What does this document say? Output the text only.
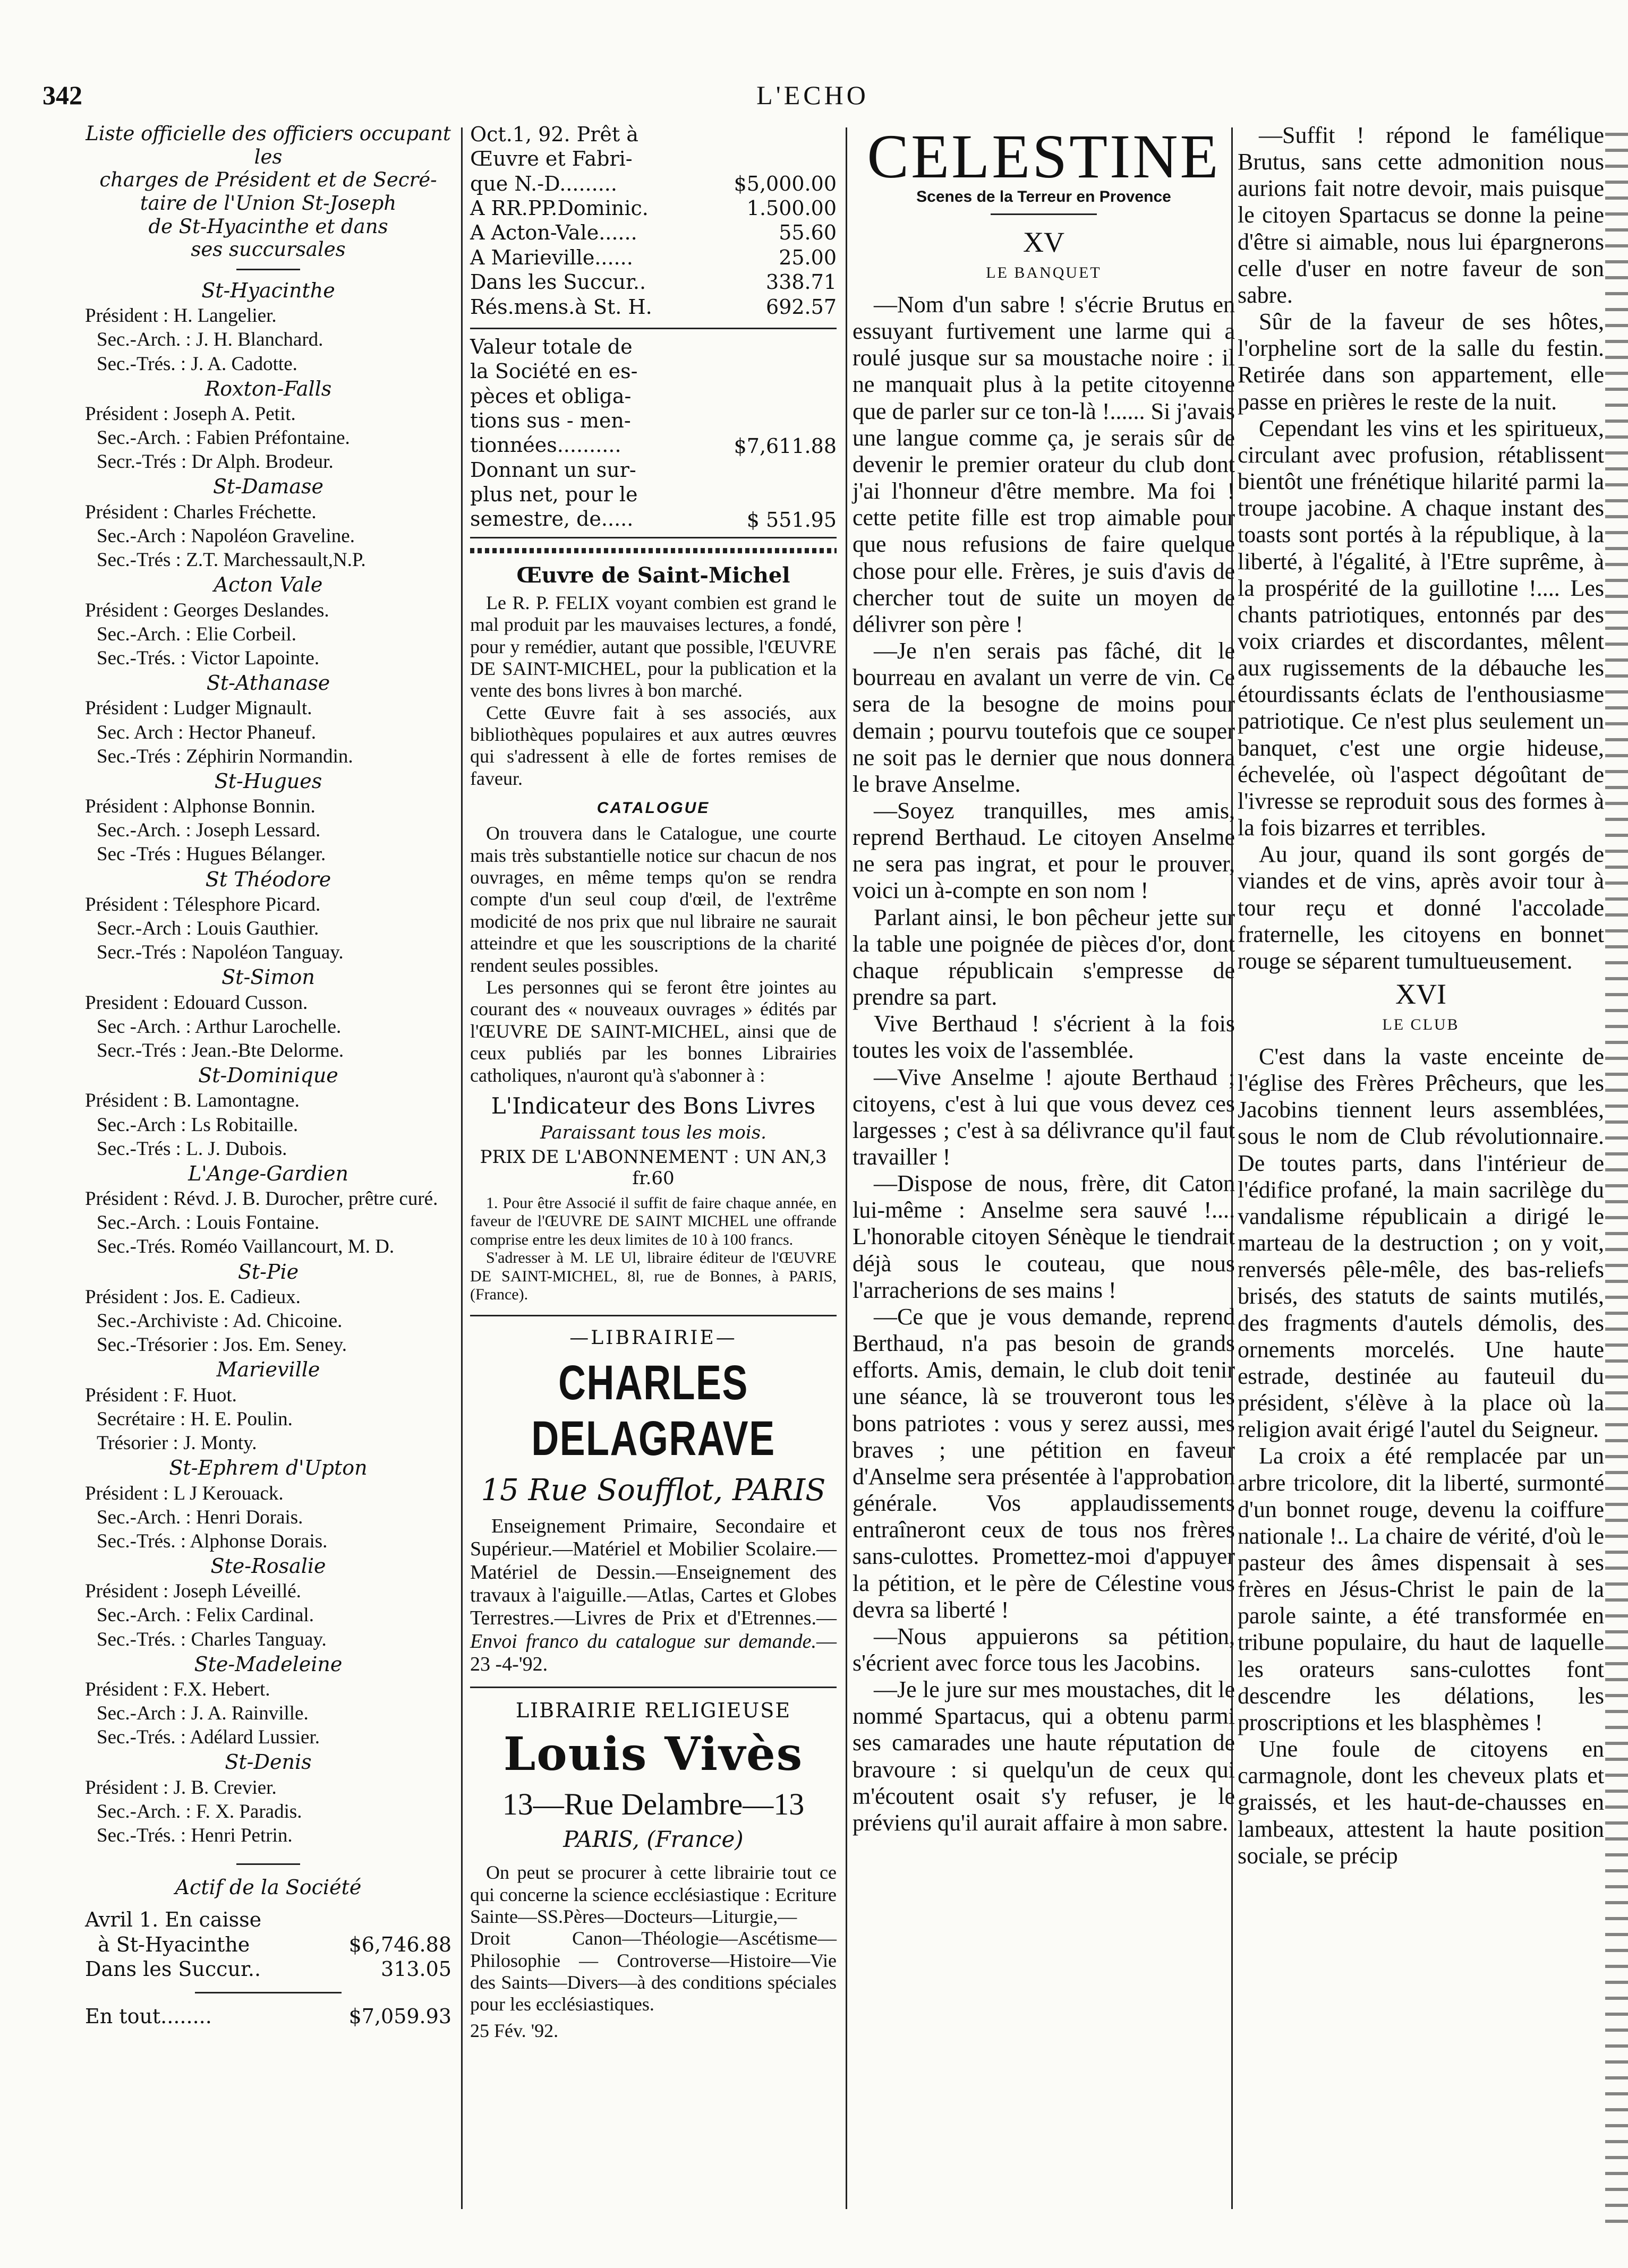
342	L'ECHO
Liste officielle des officiers occupant les
charges de Président et de Secré-
taire de l'Union St-Joseph
de St-Hyacinthe et dans
ses succursales
St-Hyacinthe
Président : H. Langelier.
Sec.-Arch. : J. H. Blanchard.
Sec.-Trés. : J. A. Cadotte.
Roxton-Falls
Président : Joseph A. Petit.
Sec.-Arch. : Fabien Préfontaine.
Secr.-Trés : Dr Alph. Brodeur.
St-Damase
Président : Charles Fréchette.
Sec.-Arch : Napoléon Graveline.
Sec.-Trés : Z.T. Marchessault,N.P.
Acton Vale
Président : Georges Deslandes.
Sec.-Arch. : Elie Corbeil.
Sec.-Trés. : Victor Lapointe.
St-Athanase
Président : Ludger Mignault.
Sec. Arch : Hector Phaneuf.
Sec.-Trés : Zéphirin Normandin.
St-Hugues
Président : Alphonse Bonnin.
Sec.-Arch. : Joseph Lessard.
Sec -Trés : Hugues Bélanger.
St Théodore
Président : Télesphore Picard.
Secr.-Arch : Louis Gauthier.
Secr.-Trés : Napoléon Tanguay.
St-Simon
President : Edouard Cusson.
Sec -Arch. : Arthur Larochelle.
Secr.-Trés : Jean.-Bte Delorme.
St-Dominique
Président : B. Lamontagne.
Sec.-Arch : Ls Robitaille.
Sec.-Trés : L. J. Dubois.
L'Ange-Gardien
Président : Révd. J. B. Durocher, prêtre curé.
Sec.-Arch. : Louis Fontaine.
Sec.-Trés. Roméo Vaillancourt, M. D.
St-Pie
Président : Jos. E. Cadieux.
Sec.-Archiviste : Ad. Chicoine.
Sec.-Trésorier : Jos. Em. Seney.
Marieville
Président : F. Huot.
Secrétaire : H. E. Poulin.
Trésorier : J. Monty.
St-Ephrem d'Upton
Président : L J Kerouack.
Sec.-Arch. : Henri Dorais.
Sec.-Trés. : Alphonse Dorais.
Ste-Rosalie
Président : Joseph Léveillé.
Sec.-Arch. : Felix Cardinal.
Sec.-Trés. : Charles Tanguay.
Ste-Madeleine
Président : F.X. Hebert.
Sec.-Arch : J. A. Rainville.
Sec.-Trés. : Adélard Lussier.
St-Denis
Président : J. B. Crevier.
Sec.-Arch. : F. X. Paradis.
Sec.-Trés. : Henri Petrin.
Actif de la Société
Avril 1. En caisse
à St-Hyacinthe	$6,746.88
Dans les Succur..	313.05
En tout........	$7,059.93
Oct.1, 92. Prêt à
Œuvre et Fabri-
que N.-D.........	$5,000.00
A RR.PP.Dominic.	1.500.00
A Acton-Vale......	55.60
A Marieville......	25.00
Dans les Succur..	338.71
Rés.mens.à St. H.	692.57
Valeur totale de
la Société en es-
pèces et obliga-
tions sus - men-
tionnées..........	$7,611.88
Donnant un sur-
plus net, pour le
semestre, de.....	$ 551.95
Œuvre de Saint-Michel
Le R. P. FELIX voyant combien est grand le mal produit par les mauvaises lectures, a fondé, pour y remédier, autant que possible, l'ŒUVRE DE SAINT-MICHEL, pour la publication et la vente des bons livres à bon marché.
Cette Œuvre fait à ses associés, aux bibliothèques populaires et aux autres œuvres qui s'adressent à elle de fortes remises de faveur.
CATALOGUE
On trouvera dans le Catalogue, une courte mais très substantielle notice sur chacun de nos ouvrages, en même temps qu'on se rendra compte d'un seul coup d'œil, de l'extrême modicité de nos prix que nul libraire ne saurait atteindre et que les souscriptions de la charité rendent seules possibles.
Les personnes qui se feront être jointes au courant des « nouveaux ouvrages » édités par l'ŒUVRE DE SAINT-MICHEL, ainsi que de ceux publiés par les bonnes Librairies catholiques, n'auront qu'à s'abonner à :
L'Indicateur des Bons Livres
Paraissant tous les mois.
PRIX DE L'ABONNEMENT : UN AN,3 fr.60
1. Pour être Associé il suffit de faire chaque année, en faveur de l'ŒUVRE DE SAINT MICHEL une offrande comprise entre les deux limites de 10 à 100 francs.
S'adresser à M. LE Ul, libraire éditeur de l'ŒUVRE DE SAINT-MICHEL, 8l, rue de Bonnes, à PARIS, (France).
—LIBRAIRIE—
CHARLES DELAGRAVE
15 Rue Soufflot, PARIS
Enseignement Primaire, Secondaire et Supérieur.—Matériel et Mobilier Scolaire.—Matériel de Dessin.—Enseignement des travaux à l'aiguille.—Atlas, Cartes et Globes Terrestres.—Livres de Prix et d'Etrennes.—Envoi franco du catalogue sur demande.—23 -4-'92.
LIBRAIRIE RELIGIEUSE
Louis Vivès
13—Rue Delambre—13
PARIS, (France)
On peut se procurer à cette librairie tout ce qui concerne la science ecclésiastique : Ecriture Sainte—SS.Pères—Docteurs—Liturgie,—Droit Canon—Théologie—Ascétisme—Philosophie — Controverse—Histoire—Vie des Saints—Divers—à des conditions spéciales pour les ecclésiastiques.
25 Fév. '92.
CELESTINE
Scenes de la Terreur en Provence
XV
LE BANQUET

—Nom d'un sabre ! s'écrie Brutus en essuyant furtivement une larme qui a roulé jusque sur sa moustache noire : il ne manquait plus à la petite citoyenne que de parler sur ce ton-là !...... Si j'avais une langue comme ça, je serais sûr de devenir le premier orateur du club dont j'ai l'honneur d'être membre. Ma foi ! cette petite fille est trop aimable pour que nous refusions de faire quelque chose pour elle. Frères, je suis d'avis de chercher tout de suite un moyen de délivrer son père !

—Je n'en serais pas fâché, dit le bourreau en avalant un verre de vin. Ce sera de la besogne de moins pour demain ; pourvu toutefois que ce souper ne soit pas le dernier que nous donnera le brave Anselme.

—Soyez tranquilles, mes amis, reprend Berthaud. Le citoyen Anselme ne sera pas ingrat, et pour le prouver, voici un à-compte en son nom !

Parlant ainsi, le bon pêcheur jette sur la table une poignée de pièces d'or, dont chaque républicain s'empresse de prendre sa part.

Vive Berthaud ! s'écrient à la fois toutes les voix de l'assemblée.

—Vive Anselme ! ajoute Berthaud ; citoyens, c'est à lui que vous devez ces largesses ; c'est à sa délivrance qu'il faut travailler !

—Dispose de nous, frère, dit Caton lui-même : Anselme sera sauvé !.... L'honorable citoyen Sénèque le tiendrait déjà sous le couteau, que nous l'arracherions de ses mains !

—Ce que je vous demande, reprend Berthaud, n'a pas besoin de grands efforts. Amis, demain, le club doit tenir une séance, là se trouveront tous les bons patriotes : vous y serez aussi, mes braves ; une pétition en faveur d'Anselme sera présentée à l'approbation générale. Vos applaudissements entraîneront ceux de tous nos frères sans-culottes. Promettez-moi d'appuyer la pétition, et le père de Célestine vous devra sa liberté !

—Nous appuierons sa pétition, s'écrient avec force tous les Jacobins.

—Je le jure sur mes moustaches, dit le nommé Spartacus, qui a obtenu parmi ses camarades une haute réputation de bravoure : si quelqu'un de ceux qui m'écoutent osait s'y refuser, je le préviens qu'il aurait affaire à mon sabre.

—Suffit ! répond le famélique Brutus, sans cette admonition nous aurions fait notre devoir, mais puisque le citoyen Spartacus se donne la peine d'être si aimable, nous lui épargnerons celle d'user en notre faveur de son sabre.

Sûr de la faveur de ses hôtes, l'orpheline sort de la salle du festin. Retirée dans son appartement, elle passe en prières le reste de la nuit.

Cependant les vins et les spiritueux, circulant avec profusion, rétablissent bientôt une frénétique hilarité parmi la troupe jacobine. A chaque instant des toasts sont portés à la république, à la liberté, à l'égalité, à l'Etre suprême, à la prospérité de la guillotine !.... Les chants patriotiques, entonnés par des voix criardes et discordantes, mêlent aux rugissements de la débauche les étourdissants éclats de l'enthousiasme patriotique. Ce n'est plus seulement un banquet, c'est une orgie hideuse, échevelée, où l'aspect dégoûtant de l'ivresse se reproduit sous des formes à la fois bizarres et terribles.

Au jour, quand ils sont gorgés de viandes et de vins, après avoir tour à tour reçu et donné l'accolade fraternelle, les citoyens en bonnet rouge se séparent tumultueusement.

XVI
LE CLUB

C'est dans la vaste enceinte de l'église des Frères Prêcheurs, que les Jacobins tiennent leurs assemblées, sous le nom de Club révolutionnaire. De toutes parts, dans l'intérieur de l'édifice profané, la main sacrilège du vandalisme républicain a dirigé le marteau de la destruction ; on y voit, renversés pêle-mêle, des bas-reliefs brisés, des statuts de saints mutilés, des fragments d'autels démolis, des ornements morcelés. Une haute estrade, destinée au fauteuil du président, s'élève à la place où la religion avait érigé l'autel du Seigneur.

La croix a été remplacée par un arbre tricolore, dit la liberté, surmonté d'un bonnet rouge, devenu la coiffure nationale !.. La chaire de vérité, d'où le pasteur des âmes dispensait à ses frères en Jésus-Christ le pain de la parole sainte, a été transformée en tribune populaire, du haut de laquelle les orateurs sans-culottes font descendre les délations, les proscriptions et les blasphèmes !

Une foule de citoyens en carmagnole, dont les cheveux plats et graissés, et les haut-de-chausses en lambeaux, attestent la haute position sociale, se précip
